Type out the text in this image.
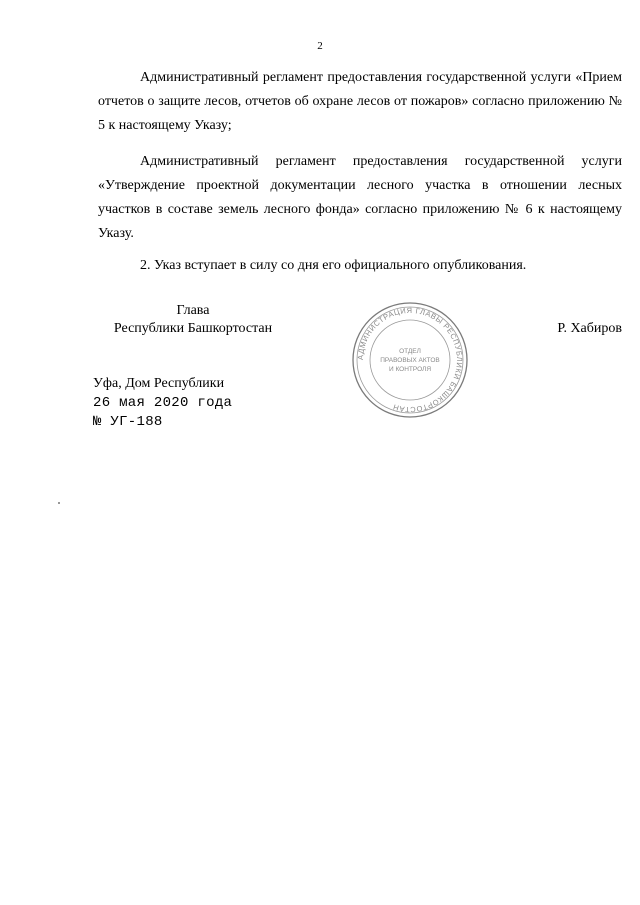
2
Административный регламент предоставления государственной услуги «Прием отчетов о защите лесов, отчетов об охране лесов от пожаров» согласно приложению № 5 к настоящему Указу;
Административный регламент предоставления государственной услуги «Утверждение проектной документации лесного участка в отношении лесных участков в составе земель лесного фонда» согласно приложению № 6 к настоящему Указу.
2. Указ вступает в силу со дня его официального опубликования.
Глава
Республики Башкортостан	Р. Хабиров
АДМИНИСТРАЦИЯ ГЛАВЫ РЕСПУБЛИКИ БАШКОРТОСТАН
ОТДЕЛ
ПРАВОВЫХ АКТОВ
И КОНТРОЛЯ
Уфа, Дом Республики
26 мая 2020 года
№ УГ-188
